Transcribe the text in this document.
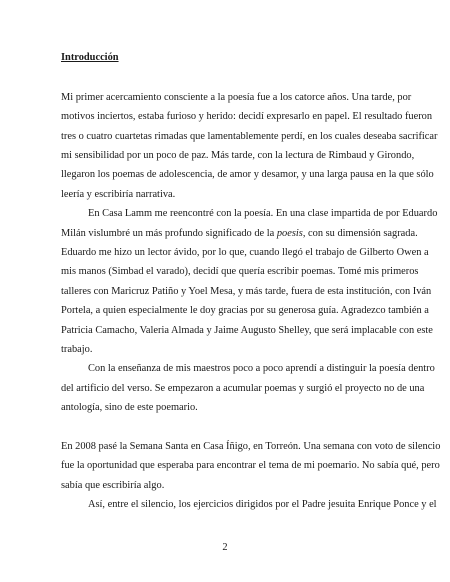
Introducción

Mi primer acercamiento consciente a la poesía fue a los catorce años. Una tarde, por

motivos inciertos, estaba furioso y herido: decidí expresarlo en papel. El resultado fueron

tres o cuatro cuartetas rimadas que lamentablemente perdí, en los cuales deseaba sacrificar

mi sensibilidad por un poco de paz. Más tarde, con la lectura de Rimbaud y Girondo,

llegaron los poemas de adolescencia, de amor y desamor, y una larga pausa en la que sólo

leería y escribiría narrativa.

En Casa Lamm me reencontré con la poesía. En una clase impartida de por Eduardo

Milán vislumbré un más profundo significado de la poesis, con su dimensión sagrada.

Eduardo me hizo un lector ávido, por lo que, cuando llegó el trabajo de Gilberto Owen a

mis manos (Simbad el varado), decidí que quería escribir poemas. Tomé mis primeros

talleres con Maricruz Patiño y Yoel Mesa, y más tarde, fuera de esta institución, con Iván

Portela, a quien especialmente le doy gracias por su generosa guía. Agradezco también a

Patricia Camacho, Valeria Almada y Jaime Augusto Shelley, que será implacable con este

trabajo.

Con la enseñanza de mis maestros poco a poco aprendí a distinguir la poesía dentro

del artificio del verso. Se empezaron a acumular poemas y surgió el proyecto no de una

antología, sino de este poemario.

En 2008 pasé la Semana Santa en Casa Íñigo, en Torreón. Una semana con voto de silencio

fue la oportunidad que esperaba para encontrar el tema de mi poemario. No sabía qué, pero

sabía que escribiría algo.

Así, entre el silencio, los ejercicios dirigidos por el Padre jesuita Enrique Ponce y el

2
